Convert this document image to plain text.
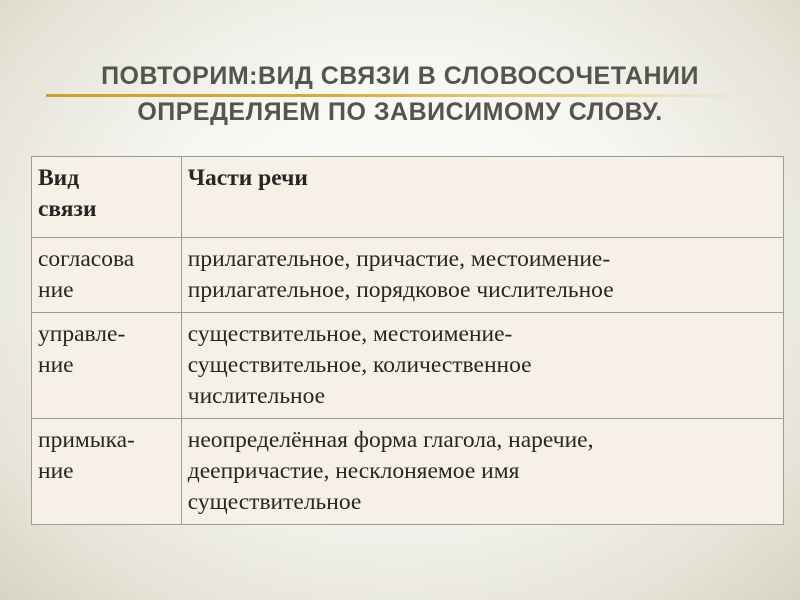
ПОВТОРИМ:ВИД СВЯЗИ В СЛОВОСОЧЕТАНИИ
ОПРЕДЕЛЯЕМ ПО ЗАВИСИМОМУ СЛОВУ.
Вид
связи	Части речи

согласова
ние	прилагательное, причастие, местоимение-
прилагательное, порядковое числительное

управле-
ние	существительное, местоимение-
существительное, количественное
числительное

примыка-
ние	неопределённая форма глагола, наречие,
деепричастие, несклоняемое имя
существительное
